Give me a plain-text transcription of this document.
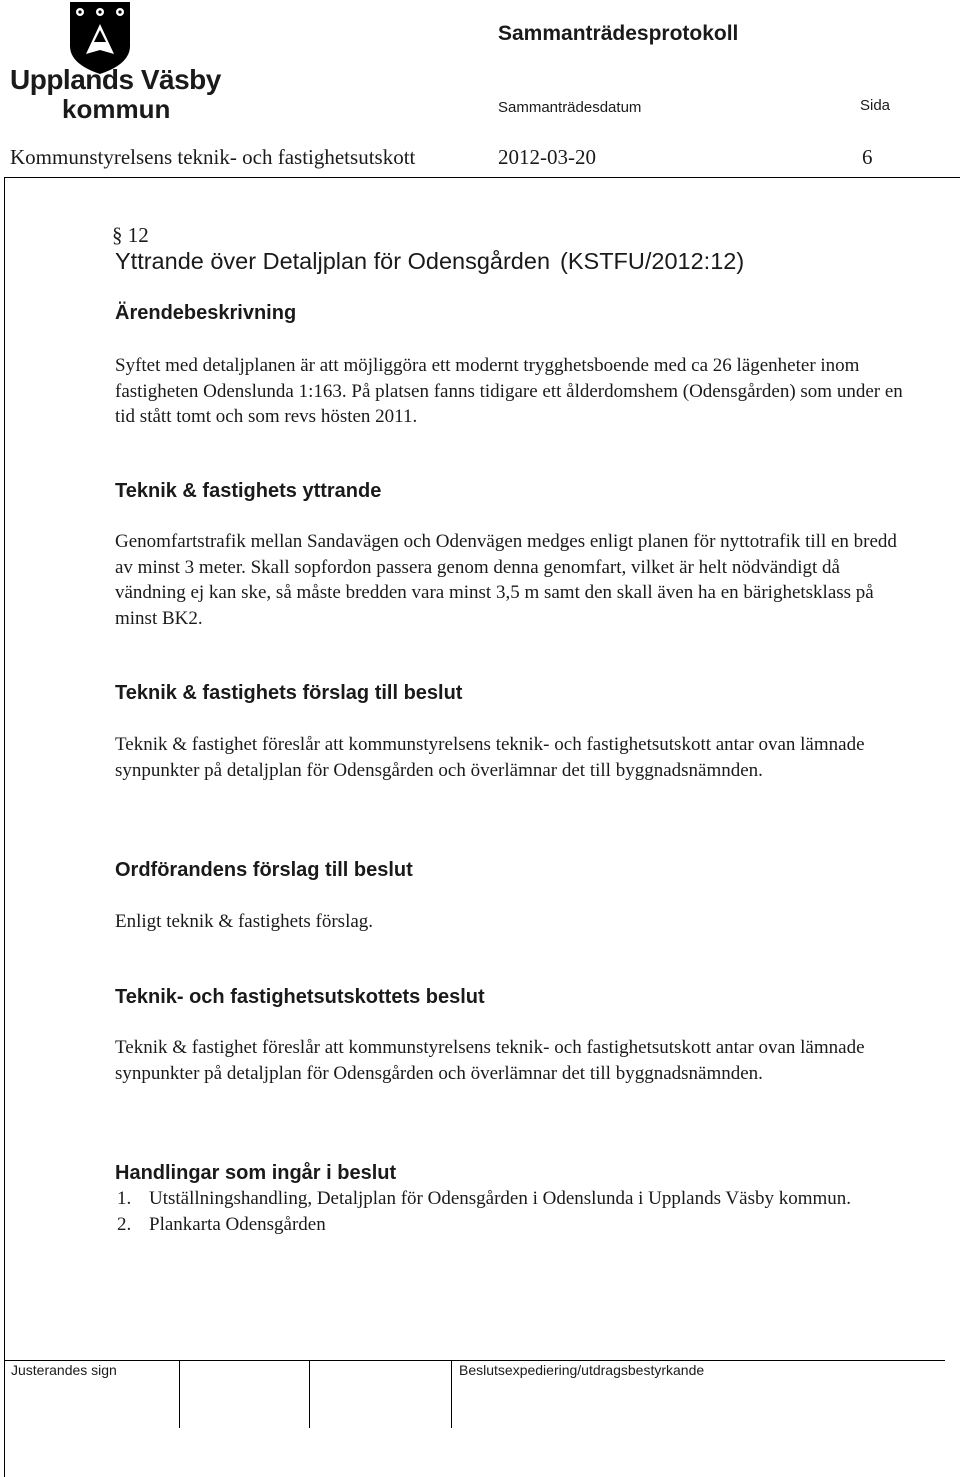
Upplands Väsby
kommun
Sammanträdesprotokoll
Sammanträdesdatum	Sida
Kommunstyrelsens teknik- och fastighetsutskott	2012-03-20	6
§ 12
Yttrande över Detaljplan för Odensgården (KSTFU/2012:12)
Ärendebeskrivning
Syftet med detaljplanen är att möjliggöra ett modernt trygghetsboende med ca 26 lägenheter inom fastigheten Odenslunda 1:163. På platsen fanns tidigare ett ålderdomshem (Odensgården) som under en tid stått tomt och som revs hösten 2011.
Teknik & fastighets yttrande
Genomfartstrafik mellan Sandavägen och Odenvägen medges enligt planen för nyttotrafik till en bredd av minst 3 meter. Skall sopfordon passera genom denna genomfart, vilket är helt nödvändigt då vändning ej kan ske, så måste bredden vara minst 3,5 m samt den skall även ha en bärighetsklass på minst BK2.
Teknik & fastighets förslag till beslut
Teknik & fastighet föreslår att kommunstyrelsens teknik- och fastighetsutskott antar ovan lämnade synpunkter på detaljplan för Odensgården och överlämnar det till byggnadsnämnden.
Ordförandens förslag till beslut
Enligt teknik & fastighets förslag.
Teknik- och fastighetsutskottets beslut
Teknik & fastighet föreslår att kommunstyrelsens teknik- och fastighetsutskott antar ovan lämnade synpunkter på detaljplan för Odensgården och överlämnar det till byggnadsnämnden.
Handlingar som ingår i beslut
1. Utställningshandling, Detaljplan för Odensgården i Odenslunda i Upplands Väsby kommun.
2. Plankarta Odensgården
Justerandes sign	Beslutsexpediering/utdragsbestyrkande
